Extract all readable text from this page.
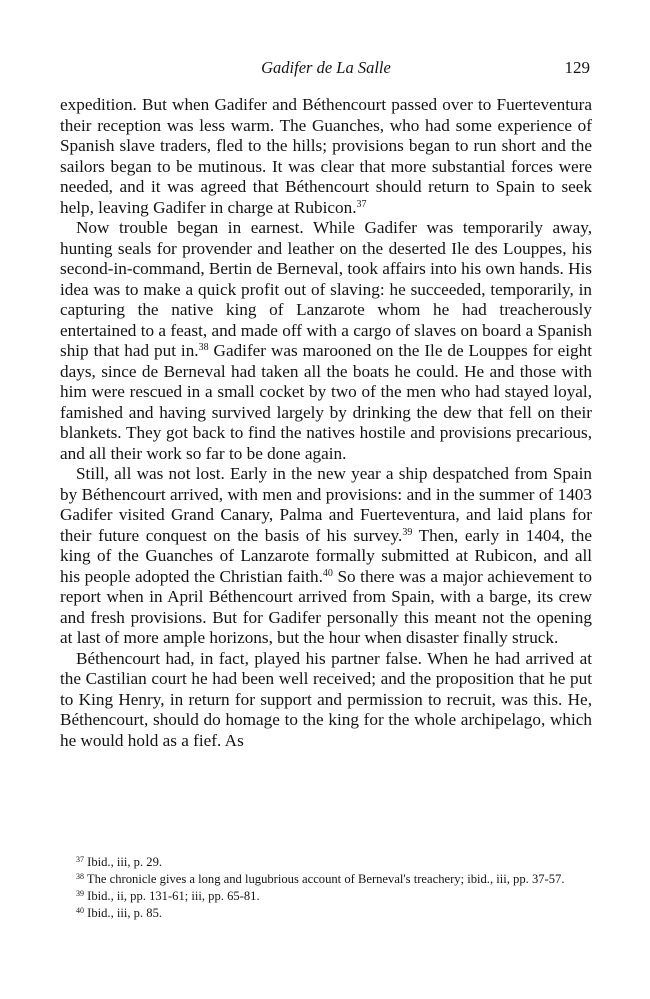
Gadifer de La Salle	129

expedition. But when Gadifer and Béthencourt passed over to Fuerteventura their reception was less warm. The Guanches, who had some experience of Spanish slave traders, fled to the hills; provisions began to run short and the sailors began to be mutinous. It was clear that more substantial forces were needed, and it was agreed that Béthencourt should return to Spain to seek help, leaving Gadifer in charge at Rubicon.$^{37}$

Now trouble began in earnest. While Gadifer was temporarily away, hunting seals for provender and leather on the deserted Ile des Louppes, his second-in-command, Bertin de Berneval, took affairs into his own hands. His idea was to make a quick profit out of slaving: he succeeded, temporarily, in capturing the native king of Lanzarote whom he had treacherously entertained to a feast, and made off with a cargo of slaves on board a Spanish ship that had put in.$^{38}$ Gadifer was marooned on the Ile de Louppes for eight days, since de Berneval had taken all the boats he could. He and those with him were rescued in a small cocket by two of the men who had stayed loyal, famished and having survived largely by drinking the dew that fell on their blankets. They got back to find the natives hostile and provisions precarious, and all their work so far to be done again.

Still, all was not lost. Early in the new year a ship despatched from Spain by Béthencourt arrived, with men and provisions: and in the summer of 1403 Gadifer visited Grand Canary, Palma and Fuerteventura, and laid plans for their future conquest on the basis of his survey.$^{39}$ Then, early in 1404, the king of the Guanches of Lanzarote formally submitted at Rubicon, and all his people adopted the Christian faith.$^{40}$ So there was a major achievement to report when in April Béthencourt arrived from Spain, with a barge, its crew and fresh provisions. But for Gadifer personally this meant not the opening at last of more ample horizons, but the hour when disaster finally struck.

Béthencourt had, in fact, played his partner false. When he had arrived at the Castilian court he had been well received; and the proposition that he put to King Henry, in return for support and permission to recruit, was this. He, Béthencourt, should do homage to the king for the whole archipelago, which he would hold as a fief. As

$^{37}$ Ibid., iii, p. 29.

$^{38}$ The chronicle gives a long and lugubrious account of Berneval's treachery; ibid., iii, pp. 37-57.

$^{39}$ Ibid., ii, pp. 131-61; iii, pp. 65-81.

$^{40}$ Ibid., iii, p. 85.
